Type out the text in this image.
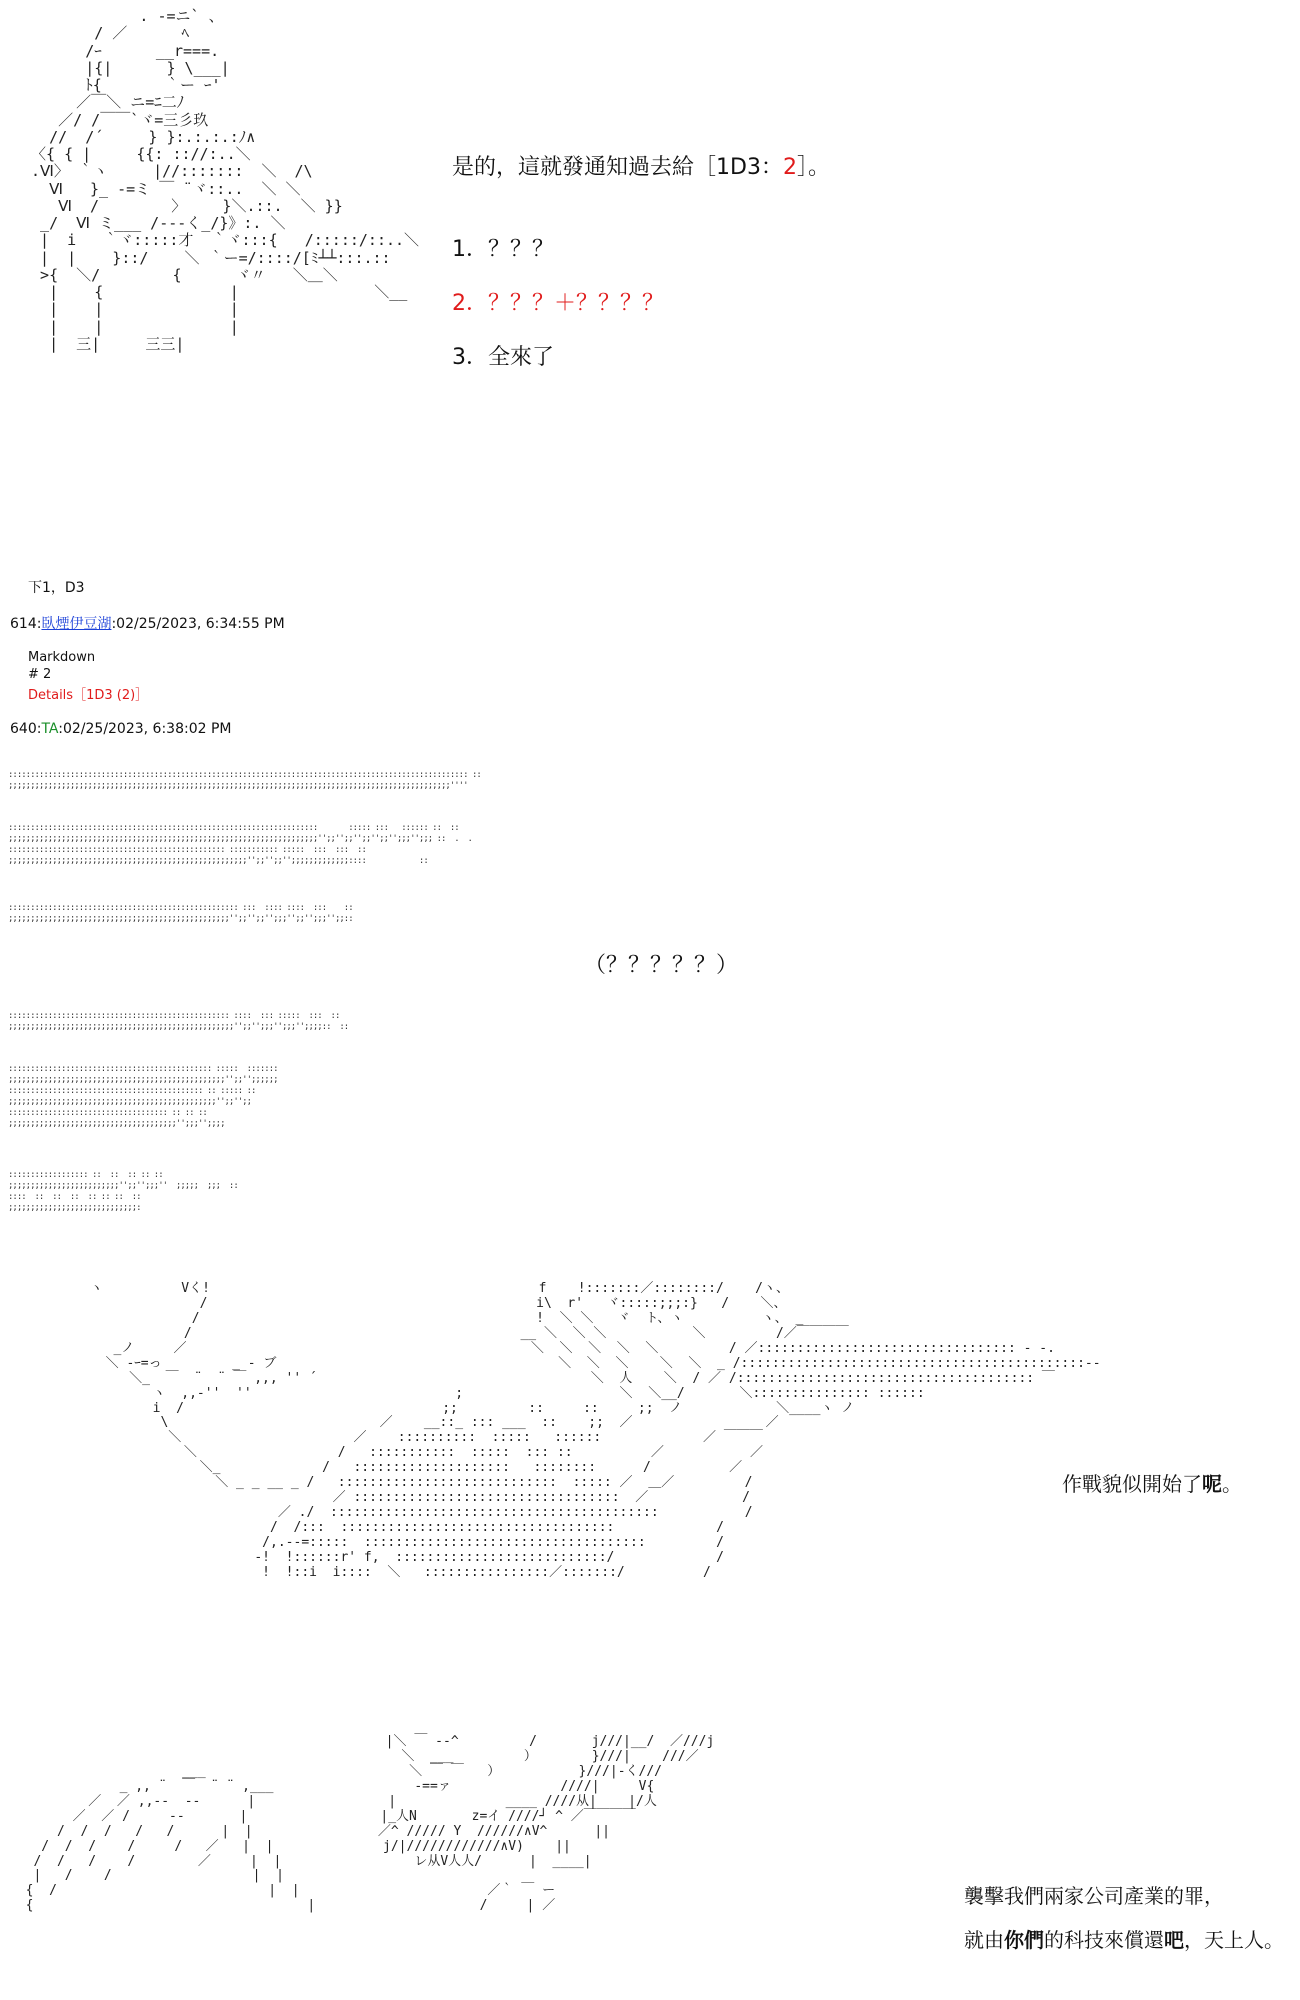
. -=ニ` 、
/ ／      ﾍ
/ｰ      __r===.
|{|      } \___|
ﾄ{       ｀ー ｰ'
／￣＼ ニ=ﾆ二ﾉ
／/ /￣￣`ヾ=三彡玖
//  /´     } }:.:.:.:ﾉ∧
〈{ { |     {{: :://:..＼
.Ⅵ〉 ｀ヽ     |//:::::::  ＼  /\
Ⅵ   }_ -=ミ ￣ ¨ヾ::..  ＼ ＼
Ⅵ  /        〉    }＼.::.  ＼ }}
_/  Ⅵ ミ___ /---く_/}》:. ＼
|  i   ｀ヾ:::::才  ｀ヾ:::{   /:::::/::..＼
|  |    }::/    ＼ ｀ー=/::::/[ﾐ┴┴:::.::
>{  ＼/        {      ヾ〃   ＼＿＼
|    {              |               ＼__
|    |              |
|    |              |
|  三|     三三|

是的，這就發通知過去給［1D3：2］。
1．？？？
2．？？？＋？？？？
3．全來了
下1，D3
614:臥煙伊豆湖:02/25/2023, 6:34:55 PM
Markdown
# 2
Details［1D3 (2)］
640:TA:02/25/2023, 6:38:02 PM
:::::::::::::::::::::::::::::::::::::::::::::::::::::::::::::::::::::::::::::::::::::::::::::::::::::::: ::
;;;;;;;;;;;;;;;;;;;;;;;;;;;;;;;;;;;;;;;;;;;;;;;;;;;;;;;;;;;;;;;;;;;;;;;;;;;;;;;;;;;;;;;;;;;;;;;;;;;;''''
::::::::::::::::::::::::::::::::::::::::::::::::::::::::::::::::::::::       ::::: :::   :::::: ::  ::
;;;;;;;;;;;;;;;;;;;;;;;;;;;;;;;;;;;;;;;;;;;;;;;;;;;;;;;;;;;;;;;;;;;;;;'';;'';;'';;'';;'';;;'';;; ::  .  .
::::::::::::::::::::::::::::::::::::::::::::::::: ::::::::::: :::::  :::  :::  ::
;;;;;;;;;;;;;;;;;;;;;;;;;;;;;;;;;;;;;;;;;;;;;;;;;;;;;;'';;'';;'';;;;;;;;;;;;;::::            ::
:::::::::::::::::::::::::::::::::::::::::::::::::::: :::  :::: ::::  :::    ::
;;;;;;;;;;;;;;;;;;;;;;;;;;;;;;;;;;;;;;;;;;;;;;;;;;'';;'';;'';;;'';;'';;;'';;::
（？？？？？）
:::::::::::::::::::::::::::::::::::::::::::::::::: ::::  ::: :::::  :::  ::
;;;;;;;;;;;;;;;;;;;;;;;;;;;;;;;;;;;;;;;;;;;;;;;;;;;'';;'';;;'';;;'';;;;::  ::
:::::::::::::::::::::::::::::::::::::::::::::: :::::  :::::::
;;;;;;;;;;;;;;;;;;;;;;;;;;;;;;;;;;;;;;;;;;;;;;;;;'';;'';;;;;;
:::::::::::::::::::::::::::::::::::::::::::: :: ::::: ::
;;;;;;;;;;;;;;;;;;;;;;;;;;;;;;;;;;;;;;;;;;;;;;;'';;'';;
:::::::::::::::::::::::::::::::::::: :: :: ::
;;;;;;;;;;;;;;;;;;;;;;;;;;;;;;;;;;;;;;'';;;'';;;;
:::::::::::::::::: ::  ::  :: :: ::
;;;;;;;;;;;;;;;;;;;;;;;;;'';;'';;;''  ;;;;;  ;;;  ::
::::  ::  ::  ::  :: :: ::  ::
;;;;;;;;;;;;;;;;;;;;;;;;;;;;;:
ヽ          Vく!                                          f    !:::::::／::::::::/    /ヽ、
/                                          i\  r'   ヾ:::::;;;:}   /    ＼、
/                                           !  ＼ ＼   ヾ  ト、ヽ          ヽ、 _
/                                          __ ＼  ＼ ＼           ＼         /／￣￣￣￣
_ノ     ／                                            ＼  ＼  ＼  ＼  ＼         / ／::::::::::::::::::::::::::::::::: - -.
＼ -ｰ=っ         _ - ブ                                    ＼  ＼  ＼    ＼  ＼  _ /::::::::::::::::::::::::::::::::::::::::::::--
＼_  ￣  ¨  ¨ ￣ ,,, '' ´                                   ＼  人    ＼  / ／ /:::::::::::::::::::::::::::::::::::::: ￣
ヽ  ,,-''  ''                          ;                    ＼  ＼__/       ＼::::::::::::::: ::::::
i  /                                 ;;         ::     ::     ;;  ノ            ＼____ヽ ノ
\                           ／    __::_ ::: ___  ::    ;;  ／                 ／
＼                      ／    ::::::::::  :::::   ::::::             ／ ￣￣￣
＼                  /   :::::::::::  :::::  ::: ::          ／           ／
＼_             /   ::::::::::::::::::::   ::::::::      /          ／
＼ _ _ __ _ /   ::::::::::::::::::::::::::::  ::::: ／  ＿／         /
／ ::::::::::::::::::::::::::::::::::  ／            /
／ ./  ::::::::::::::::::::::::::::::::::::::::::           /
/  /:::  :::::::::::::::::::::::::::::::::::             /
/,.-‐=:::::  ::::::::::::::::::::::::::::::::::::         /
-!  !::::::r' f,  :::::::::::::::::::::::::::/             /
!  !::i  i::::  ＼   ::::::::::::::::／:::::::/          /

作戰貌似開始了呢。
|＼ ￣ ‐-^         /       j///|__/  ／///j
＼  ___         ）       }///|    ///／
___                          ＼ ￣ ￣   ）          }///|-く///
_ ,, ¨  ￣  ¨ ¨ ,___                  ‐==ァ              ////|     V{
／  ／ ,,--  ‐‐      |                 |              ____ ////从|    |/人
／  ／ /     ‐‐       |                 |_人N       z=イ ////┘ ^ ／￣￣￣￣
/  /  /   /   /      |  |                ／^ ///// Y  //////∧V^      ||
/  /  /    /     /   ／   |  |              j/|////////////∧V)    ||
/  /   /    /        ／     |  |                 レ从V人人/      |  ____|
|   /    /                  |  |
{  /                           |  |                        ／｀ ￣ ー
{                                   |                     /     | ／	襲擊我們兩家公司產業的罪，
就由你們的科技來償還吧，天上人。
